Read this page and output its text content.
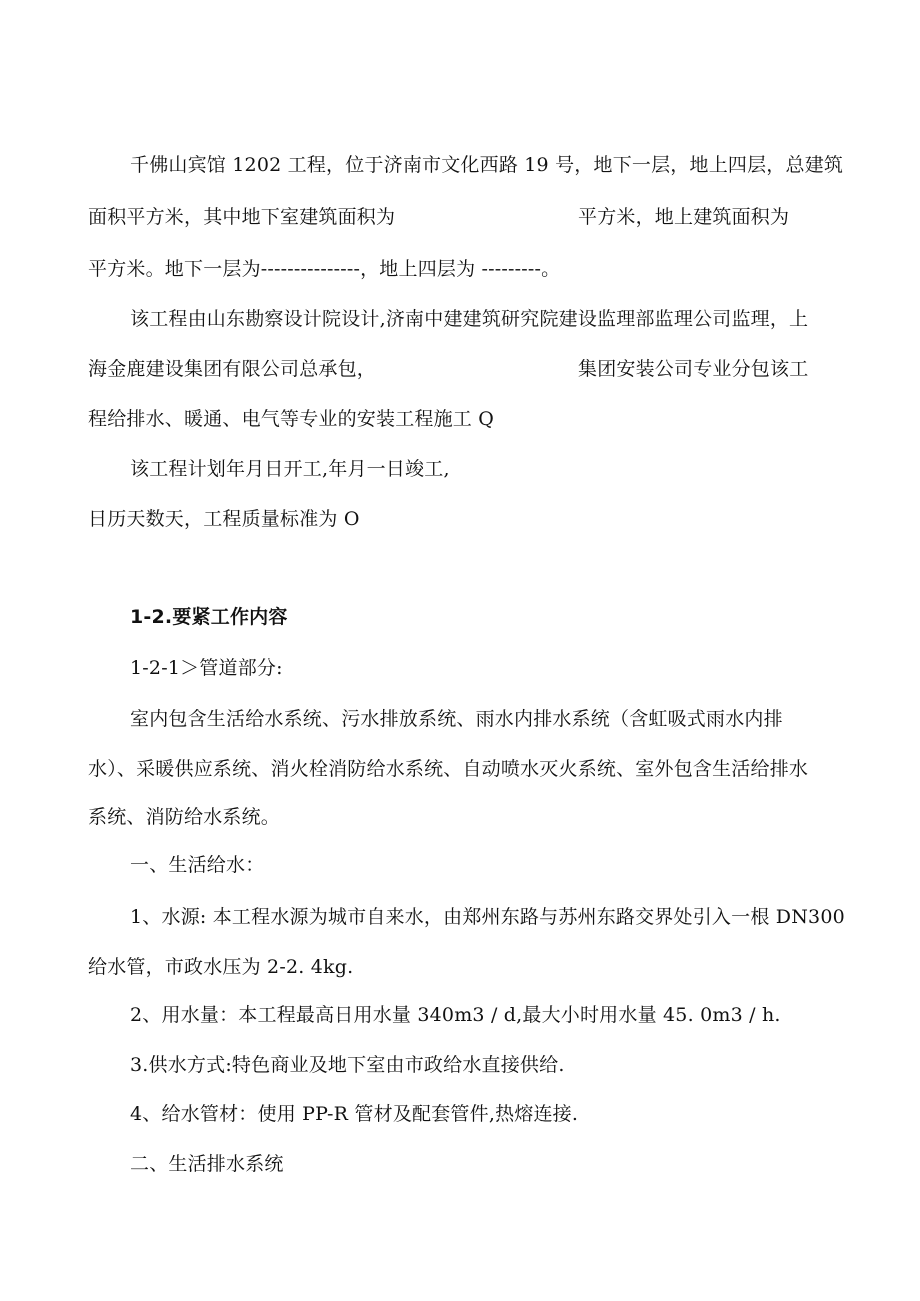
千佛山宾馆 1202 工程，位于济南市文化西路 19 号，地下一层，地上四层，总建筑
面积平方米，其中地下室建筑面积为	平方米，地上建筑面积为
平方米。地下一层为---------------，地上四层为 ---------。
该工程由山东勘察设计院设计,济南中建建筑研究院建设监理部监理公司监理，上
海金鹿建设集团有限公司总承包，	集团安装公司专业分包该工
程给排水、暖通、电气等专业的安装工程施工 Q
该工程计划年月日开工,年月一日竣工,
日历天数天，工程质量标准为 O
1-2.要紧工作内容
1-2-1＞管道部分:
室内包含生活给水系统、污水排放系统、雨水内排水系统（含虹吸式雨水内排
水）、采暖供应系统、消火栓消防给水系统、自动喷水灭火系统、室外包含生活给排水
系统、消防给水系统。
一、生活给水：
1、水源: 本工程水源为城市自来水，由郑州东路与苏州东路交界处引入一根 DN300
给水管，市政水压为 2-2. 4kg.
2、用水量：本工程最高日用水量 340m3 / d,最大小时用水量 45. 0m3 / h.
3.供水方式:特色商业及地下室由市政给水直接供给.
4、给水管材：使用 PP-R 管材及配套管件,热熔连接.
二、生活排水系统
